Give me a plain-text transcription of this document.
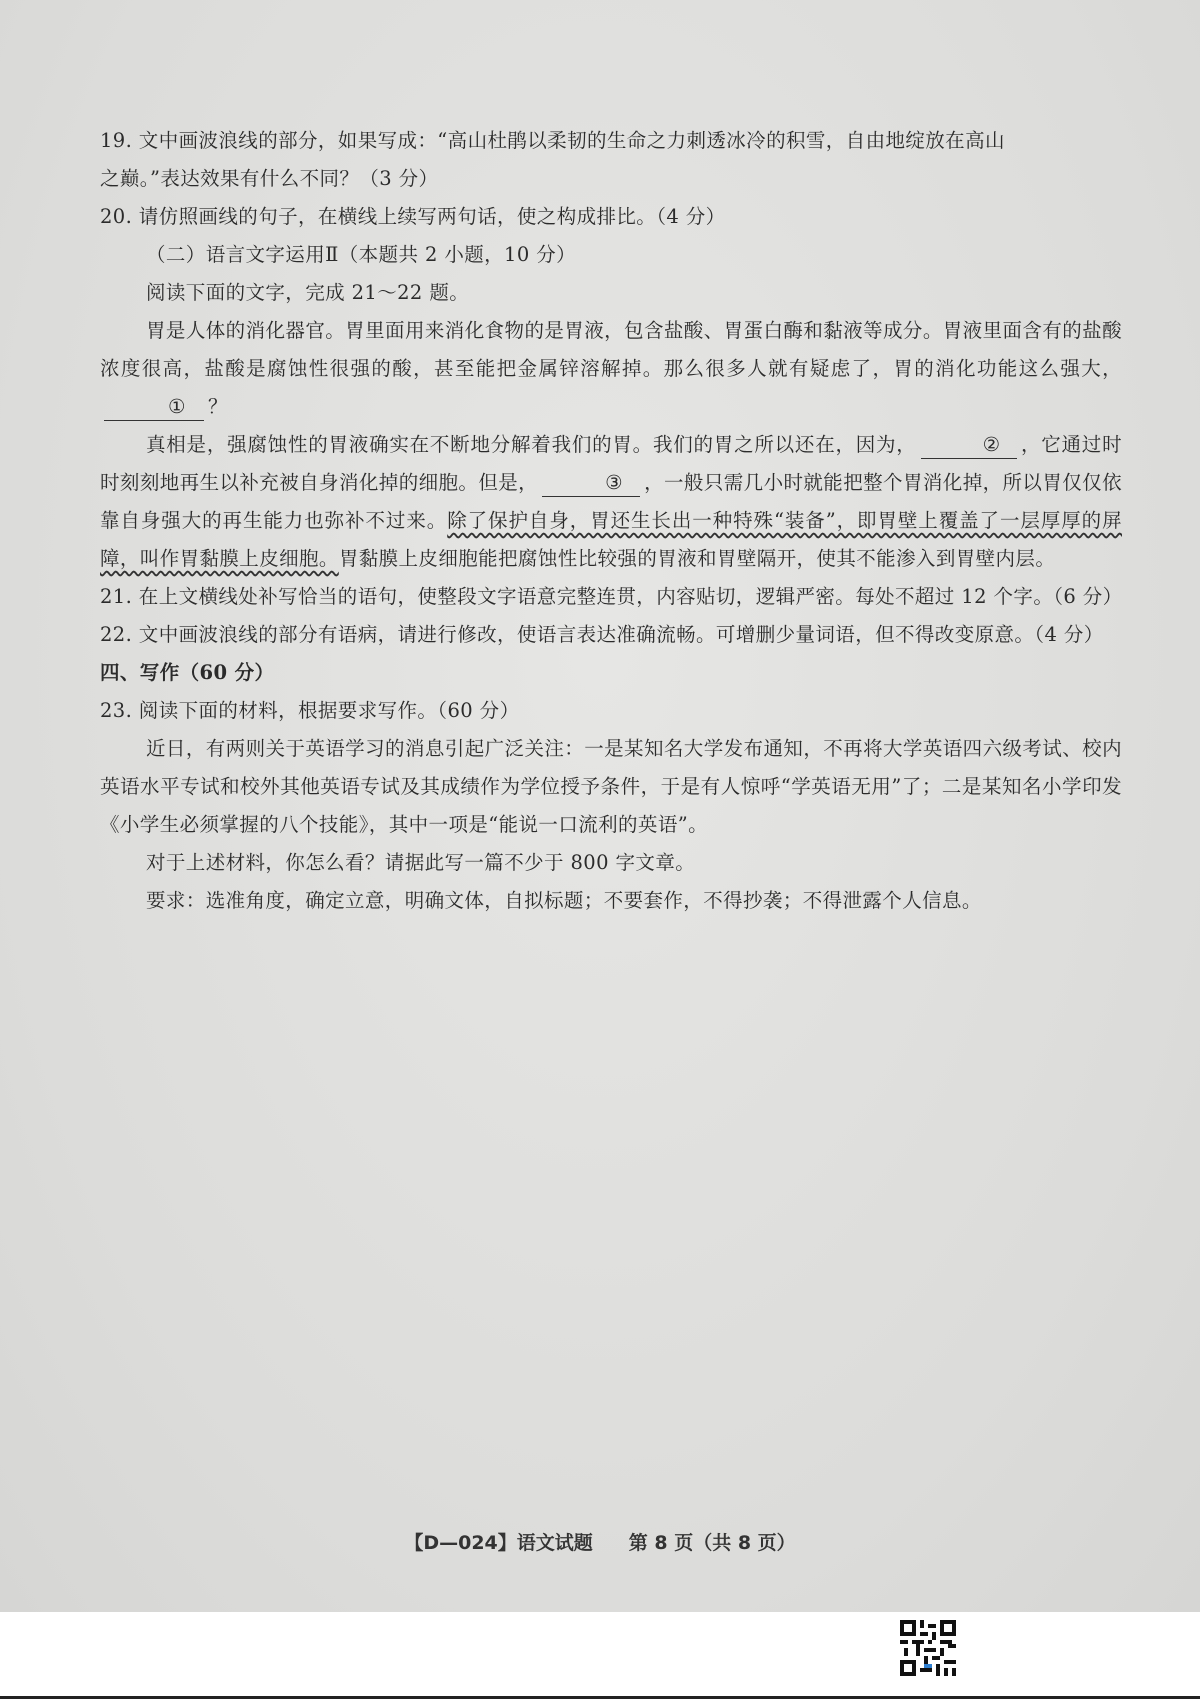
19. 文中画波浪线的部分，如果写成：“高山杜鹃以柔韧的生命之力刺透冰冷的积雪，自由地绽放在高山

之巅。”表达效果有什么不同？（3 分）

20. 请仿照画线的句子，在横线上续写两句话，使之构成排比。（4 分）

（二）语言文字运用Ⅱ（本题共 2 小题，10 分）

阅读下面的文字，完成 21～22 题。

胃是人体的消化器官。胃里面用来消化食物的是胃液，包含盐酸、胃蛋白酶和黏液等成分。胃液里面含有的盐酸浓度很高，盐酸是腐蚀性很强的酸，甚至能把金属锌溶解掉。那么很多人就有疑虑了，胃的消化功能这么强大，① ？

真相是，强腐蚀性的胃液确实在不断地分解着我们的胃。我们的胃之所以还在，因为，	② ，它通过时时刻刻地再生以补充被自身消化掉的细胞。但是，	③ ，一般只需几小时就能把整个胃消化掉，所以胃仅仅依靠自身强大的再生能力也弥补不过来。除了保护自身，胃还生长出一种特殊“装备”，即胃壁上覆盖了一层厚厚的屏障，叫作胃黏膜上皮细胞。胃黏膜上皮细胞能把腐蚀性比较强的胃液和胃壁隔开，使其不能渗入到胃壁内层。

21. 在上文横线处补写恰当的语句，使整段文字语意完整连贯，内容贴切，逻辑严密。每处不超过 12 个字。（6 分）

22. 文中画波浪线的部分有语病，请进行修改，使语言表达准确流畅。可增删少量词语，但不得改变原意。（4 分）

四、写作（60 分）

23. 阅读下面的材料，根据要求写作。（60 分）

近日，有两则关于英语学习的消息引起广泛关注：一是某知名大学发布通知，不再将大学英语四六级考试、校内英语水平专试和校外其他英语专试及其成绩作为学位授予条件，于是有人惊呼“学英语无用”了；二是某知名小学印发《小学生必须掌握的八个技能》，其中一项是“能说一口流利的英语”。

对于上述材料，你怎么看？请据此写一篇不少于 800 字文章。

要求：选准角度，确定立意，明确文体，自拟标题；不要套作，不得抄袭；不得泄露个人信息。

【D—024】语文试题 第 8 页（共 8 页）
